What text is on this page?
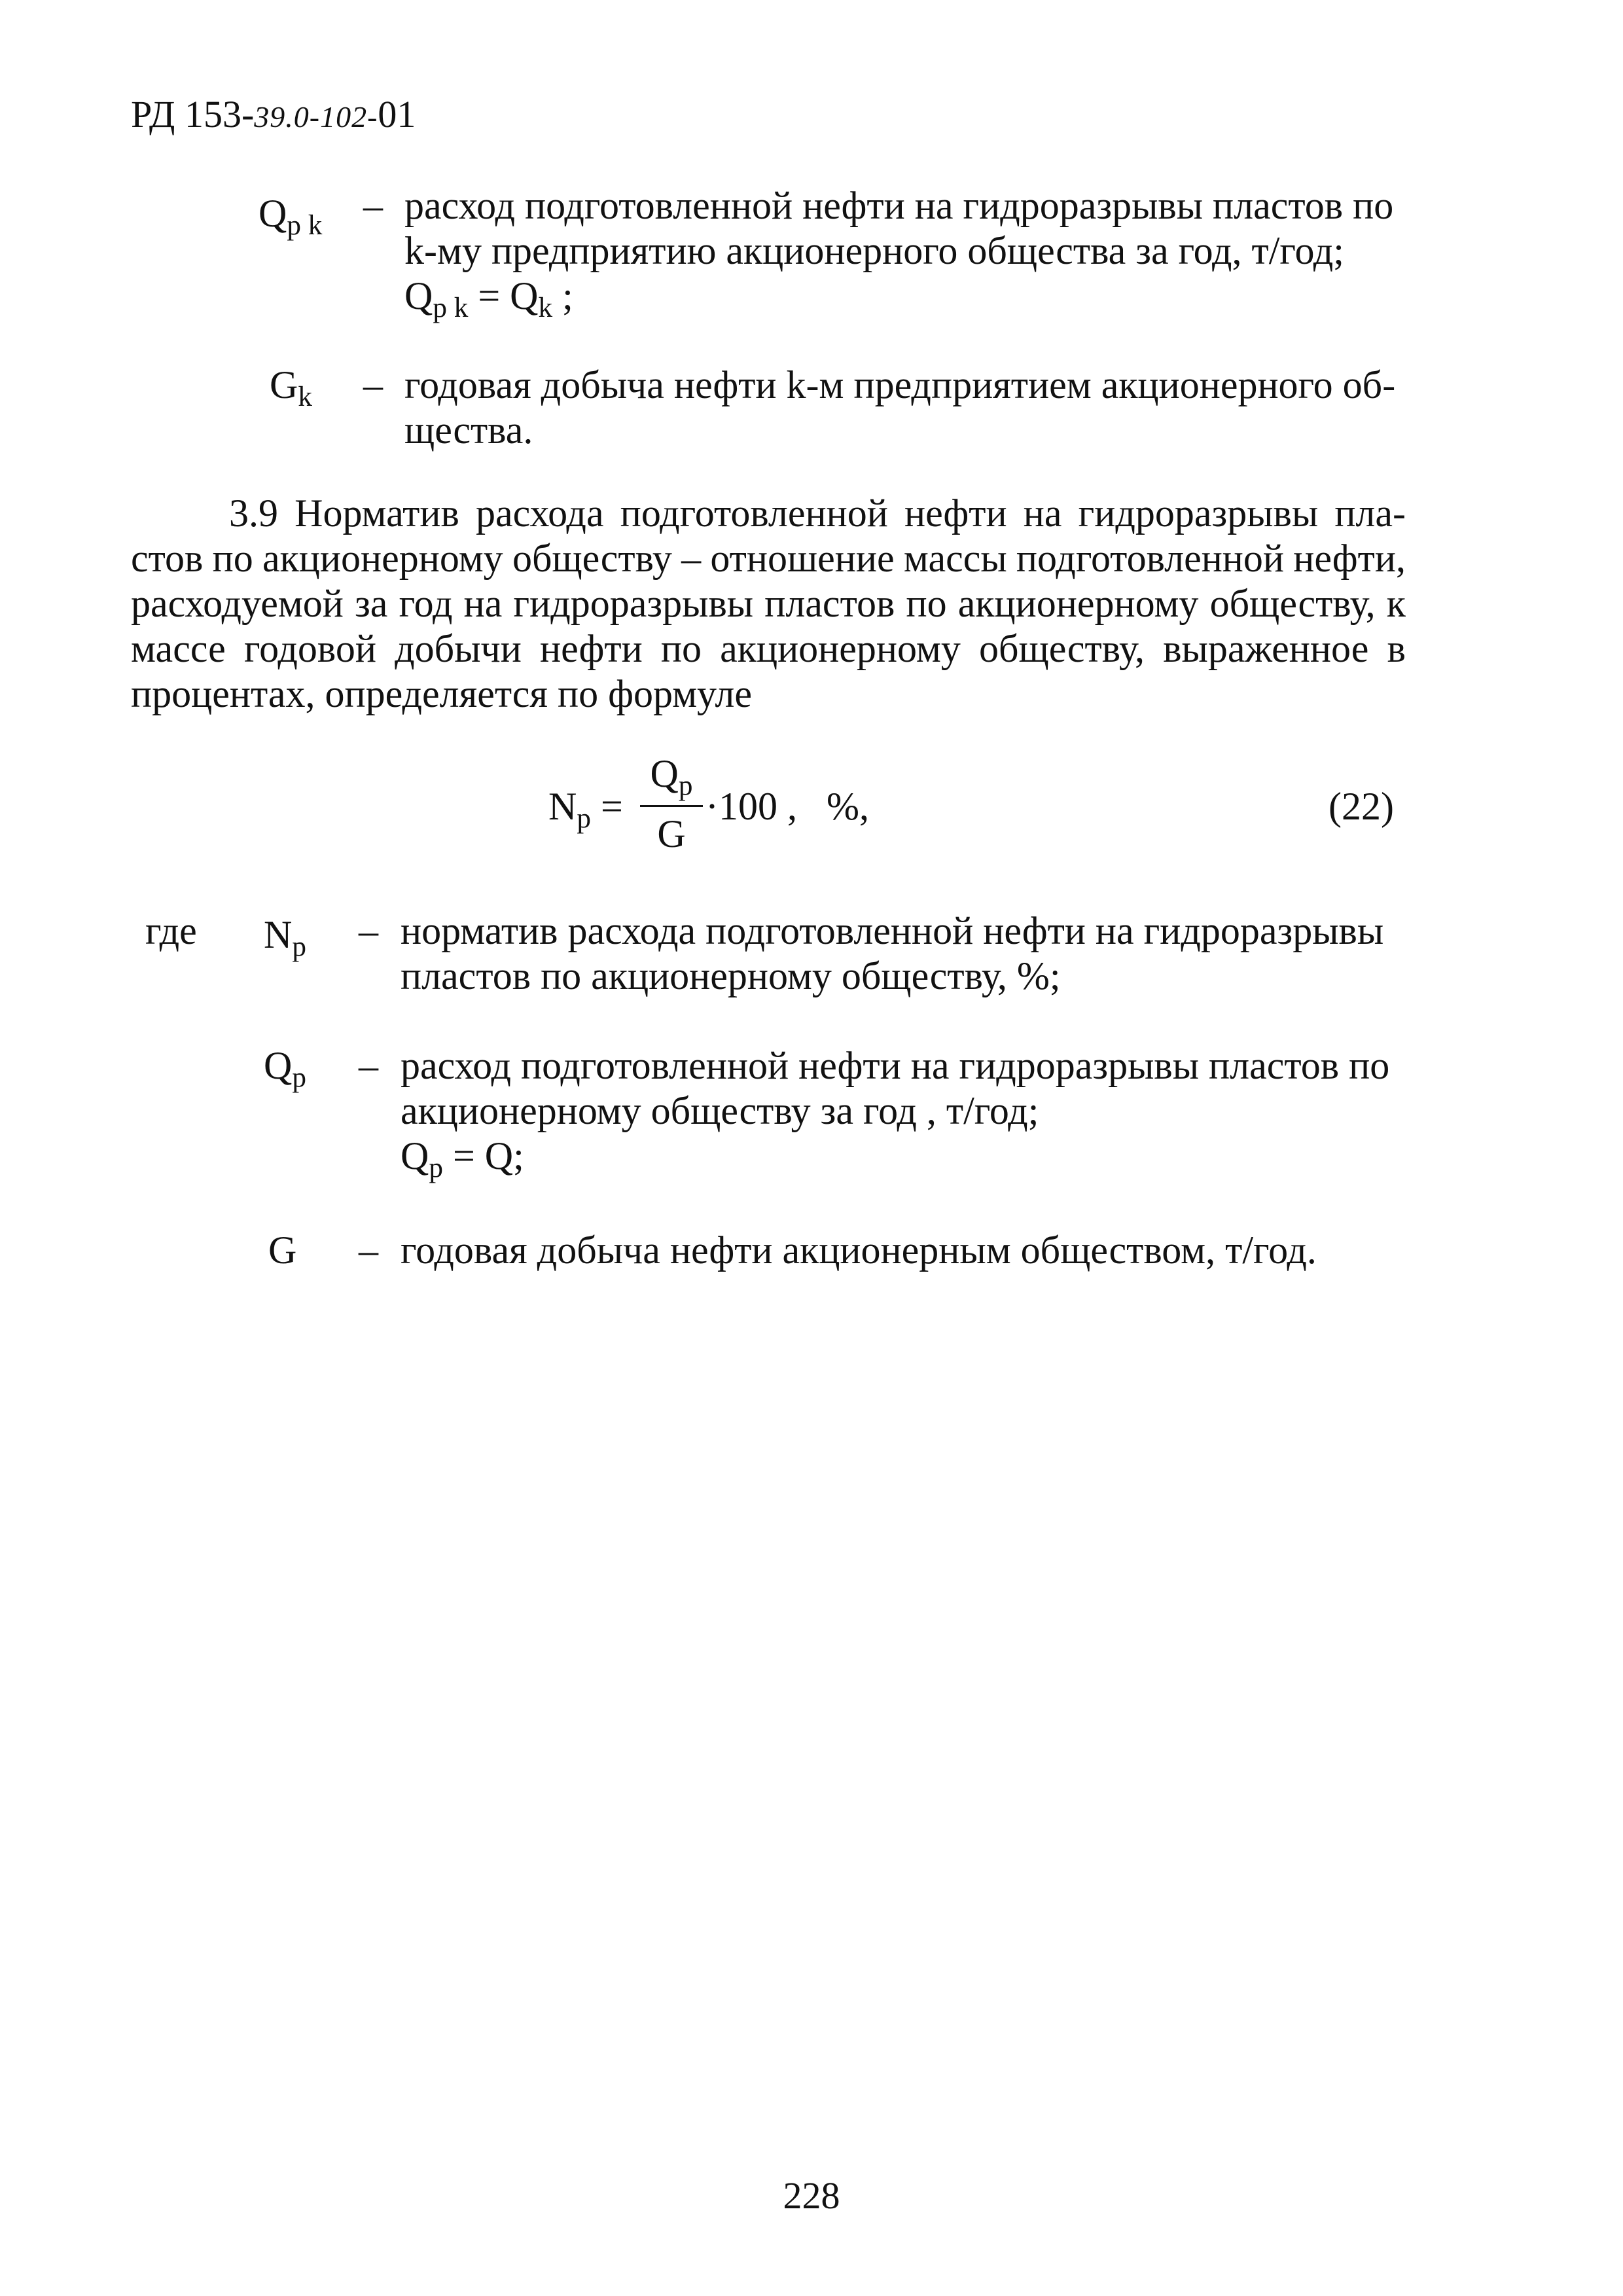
РД 153-39.0-102-01
$Q_{p k}$ – расход подготовленной нефти на гидроразрывы пластов по
k-му предприятию акционерного общества за год, т/год;
$Q_{p k} = Q_k$ ;
$G_k$ – годовая добыча нефти k-м предприятием акционерного об-
щества.
3.9 Норматив расхода подготовленной нефти на гидроразрывы пла-
стов по акционерному обществу – отношение массы подготовленной нефти,
расходуемой за год на гидроразрывы пластов по акционерному обществу, к
массе годовой добычи нефти по акционерному обществу, выраженное в
процентах, определяется по формуле
$N_p$ =
$Q_p$
G
·100 ,   %,	(22)
где $N_p$ – норматив расхода подготовленной нефти на гидроразрывы
пластов по акционерному обществу, %;
$Q_p$ – расход подготовленной нефти на гидроразрывы пластов по
акционерному обществу за год , т/год;
$Q_p = Q$;
G – годовая добыча нефти акционерным обществом, т/год.
228
